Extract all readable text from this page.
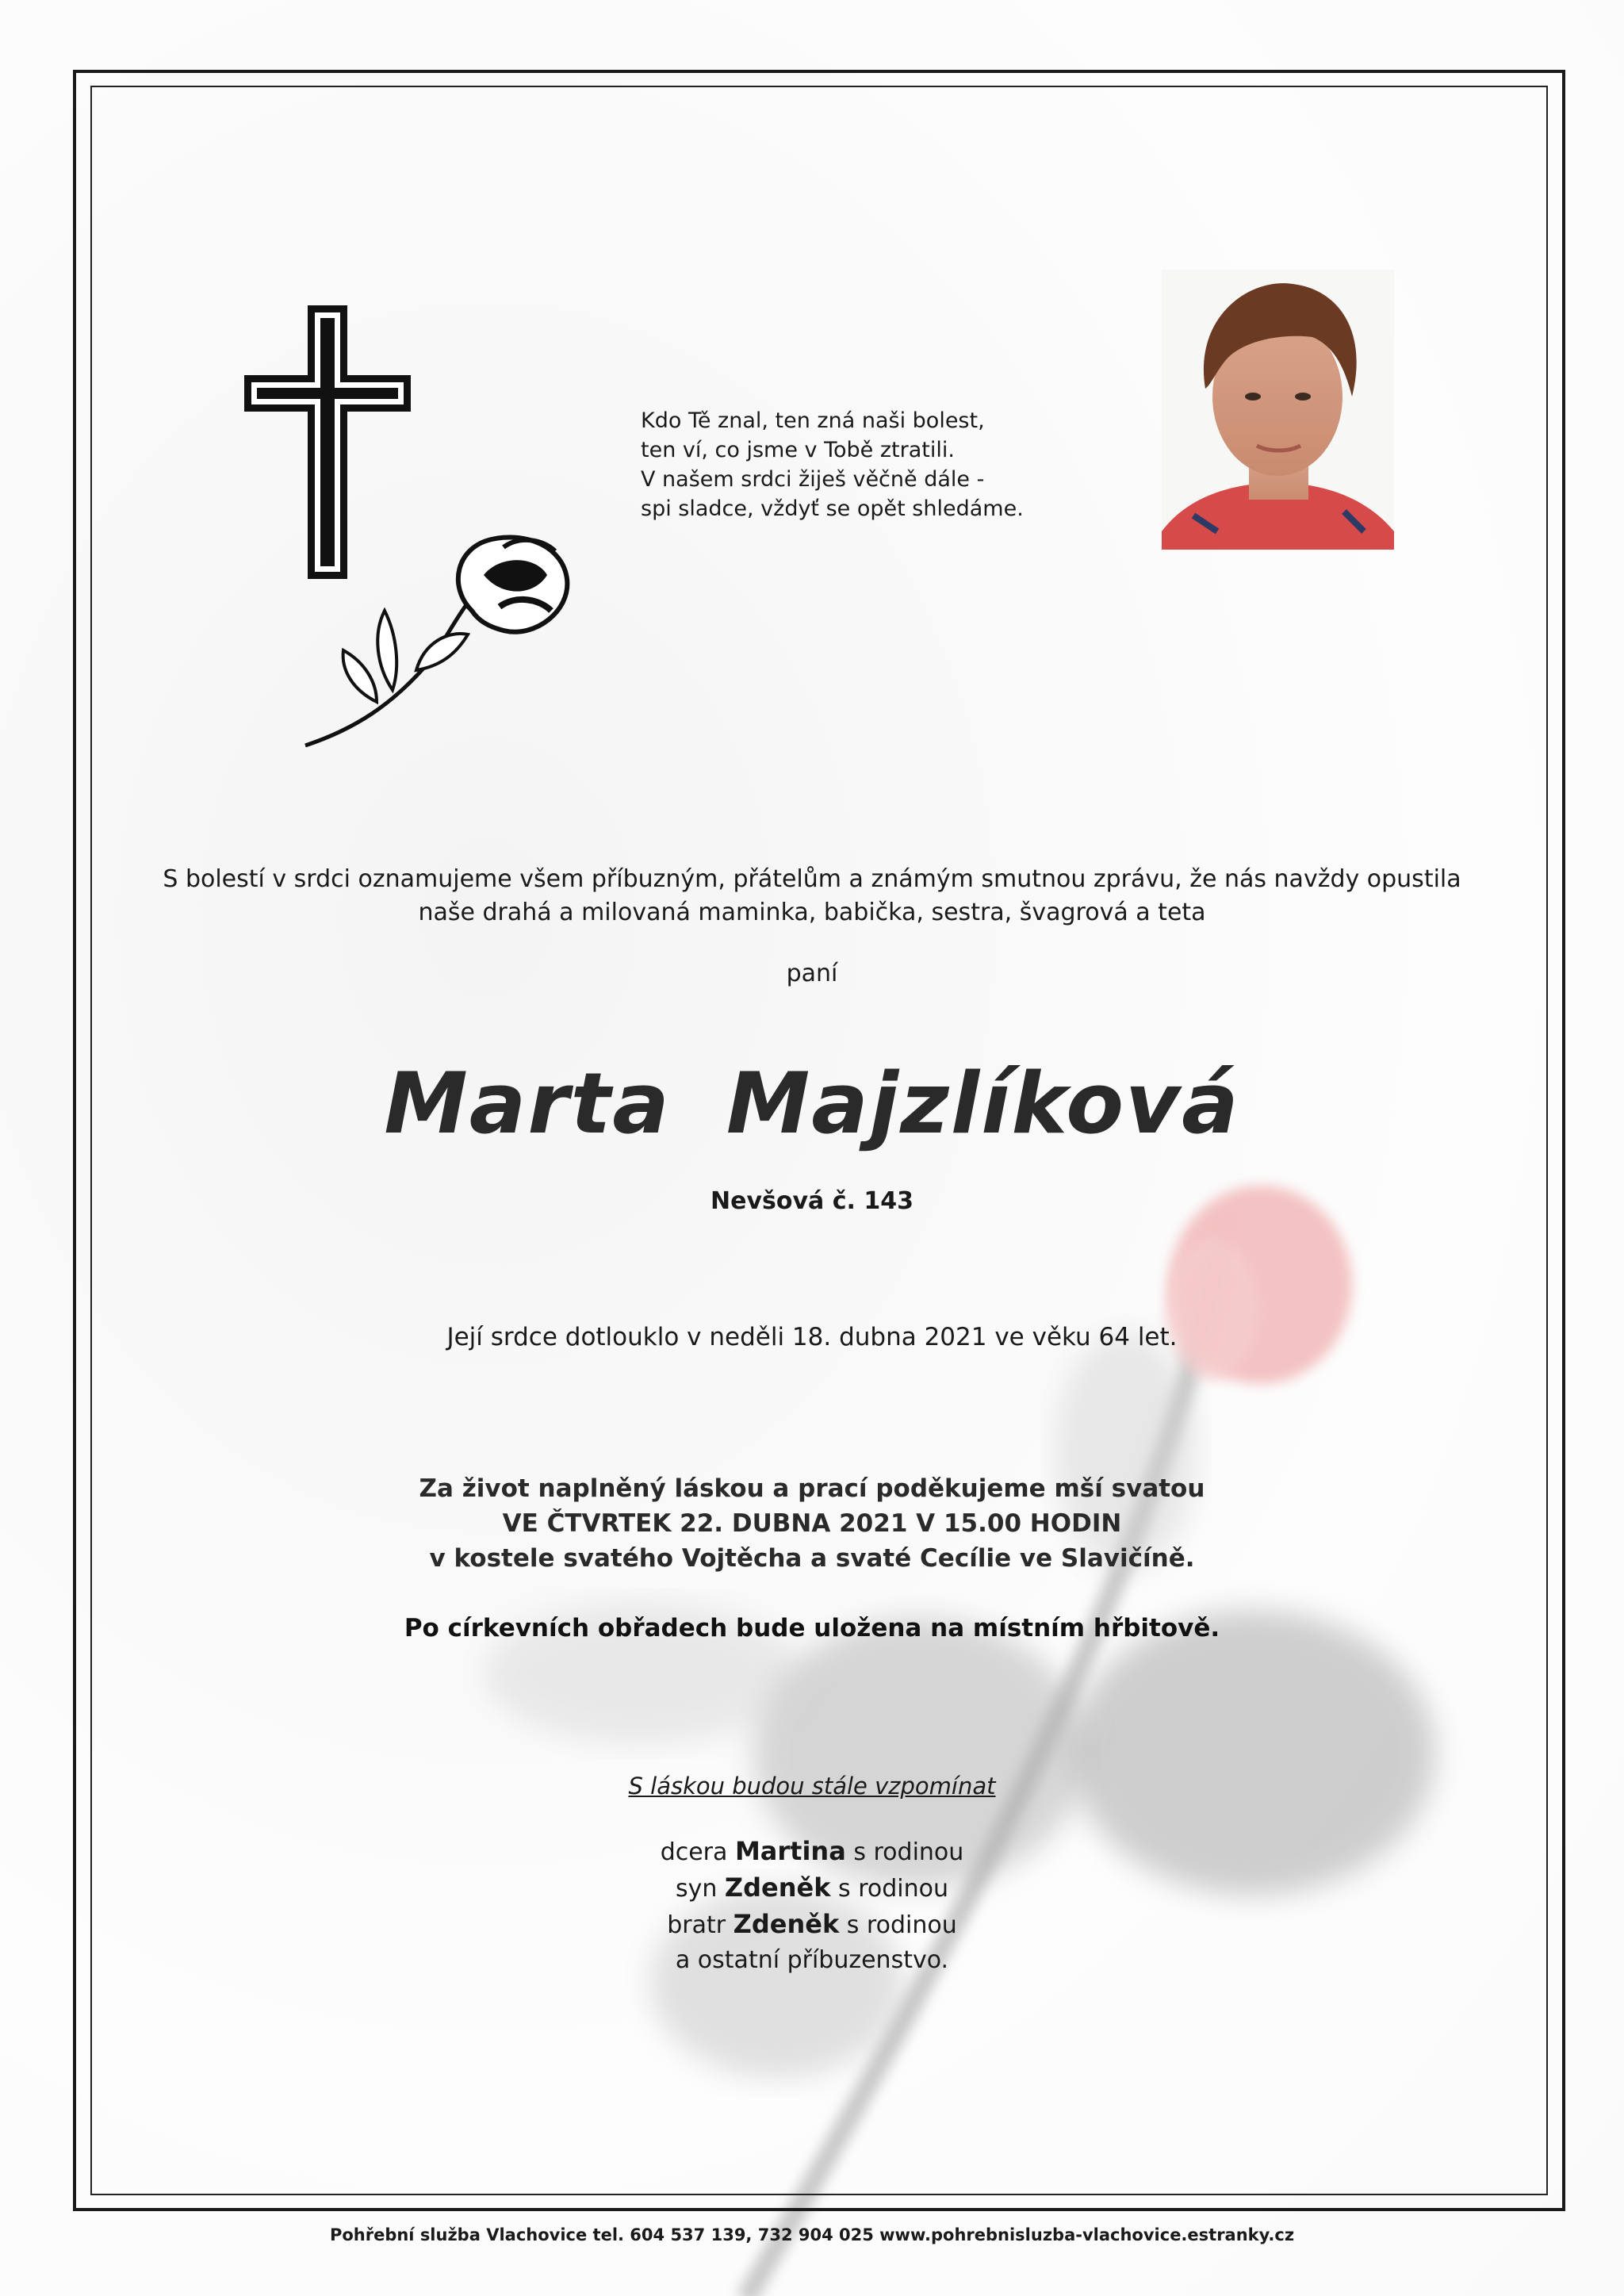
Kdo Tě znal, ten zná naši bolest,
ten ví, co jsme v Tobě ztratili.
V našem srdci žiješ věčně dále -
spi sladce, vždyť se opět shledáme.
S bolestí v srdci oznamujeme všem příbuzným, přátelům a známým smutnou zprávu, že nás navždy opustila
naše drahá a milovaná maminka, babička, sestra, švagrová a teta
paní
Marta Majzlíková
Nevšová č. 143
Její srdce dotlouklo v neděli 18. dubna 2021 ve věku 64 let.
Za život naplněný láskou a prací poděkujeme mší svatou
VE ČTVRTEK 22. DUBNA 2021 V 15.00 HODIN
v kostele svatého Vojtěcha a svaté Cecílie ve Slavičíně.
Po církevních obřadech bude uložena na místním hřbitově.
S láskou budou stále vzpomínat
dcera Martina s rodinou
syn Zdeněk s rodinou
bratr Zdeněk s rodinou
a ostatní příbuzenstvo.
Pohřební služba Vlachovice tel. 604 537 139, 732 904 025 www.pohrebnisluzba-vlachovice.estranky.cz
